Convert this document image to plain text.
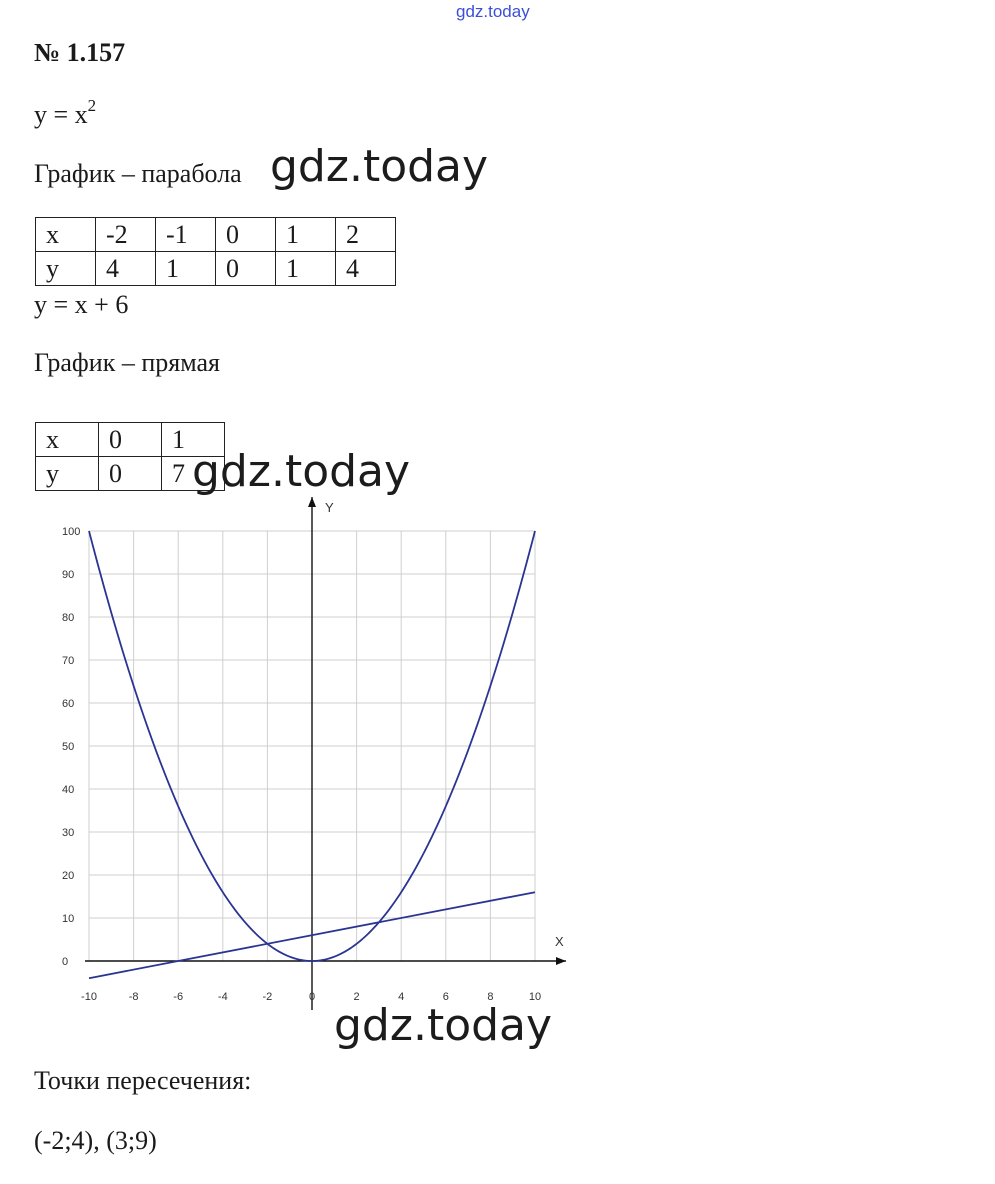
gdz.today
№ 1.157
$y = x^2$
График – парабола gdz.today
x	-2	-1	0	1	2
y	4	1	0	1	4
y = x + 6
График – прямая
x	0	1
y	0	7 gdz.today
X
Y
-10	-8	-6	-4	-2	0	2	4	6	8	10
0
10
20
30
40
50
60
70
80
90
100
gdz.today
Точки пересечения:
(-2;4), (3;9)
